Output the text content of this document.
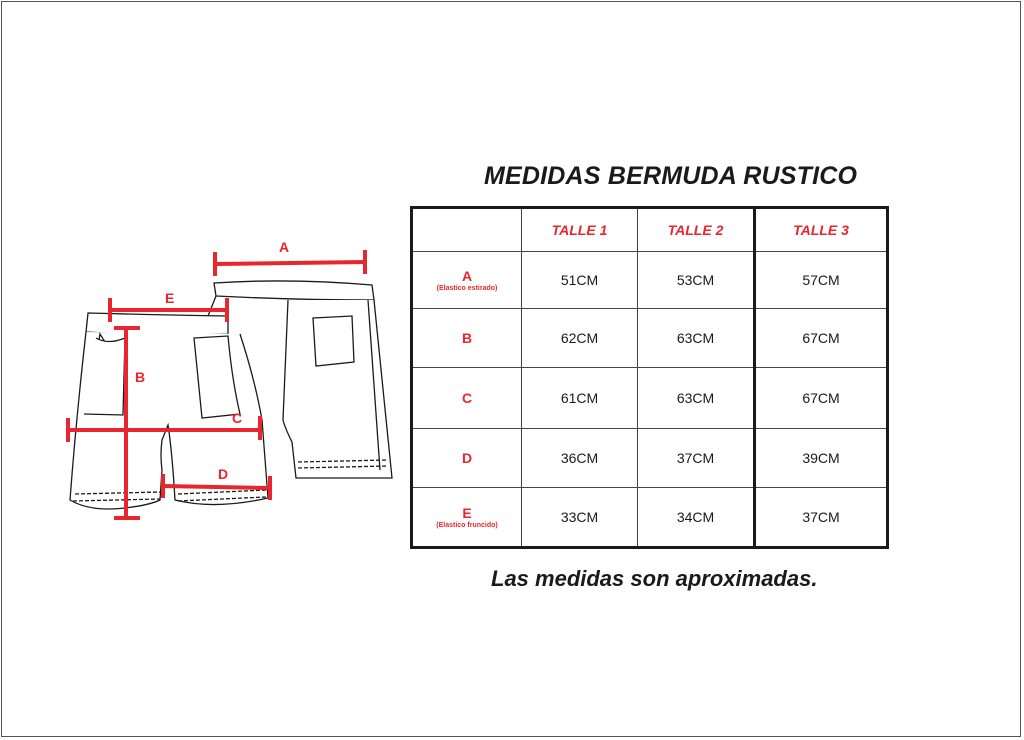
A
E
B
C
D
MEDIDAS BERMUDA RUSTICO
	TALLE 1	TALLE 2	TALLE 3
A
(Elastico estirado)	51CM	53CM	57CM
B	62CM	63CM	67CM
C	61CM	63CM	67CM
D	36CM	37CM	39CM
E
(Elastico fruncido)	33CM	34CM	37CM
Las medidas son aproximadas.
